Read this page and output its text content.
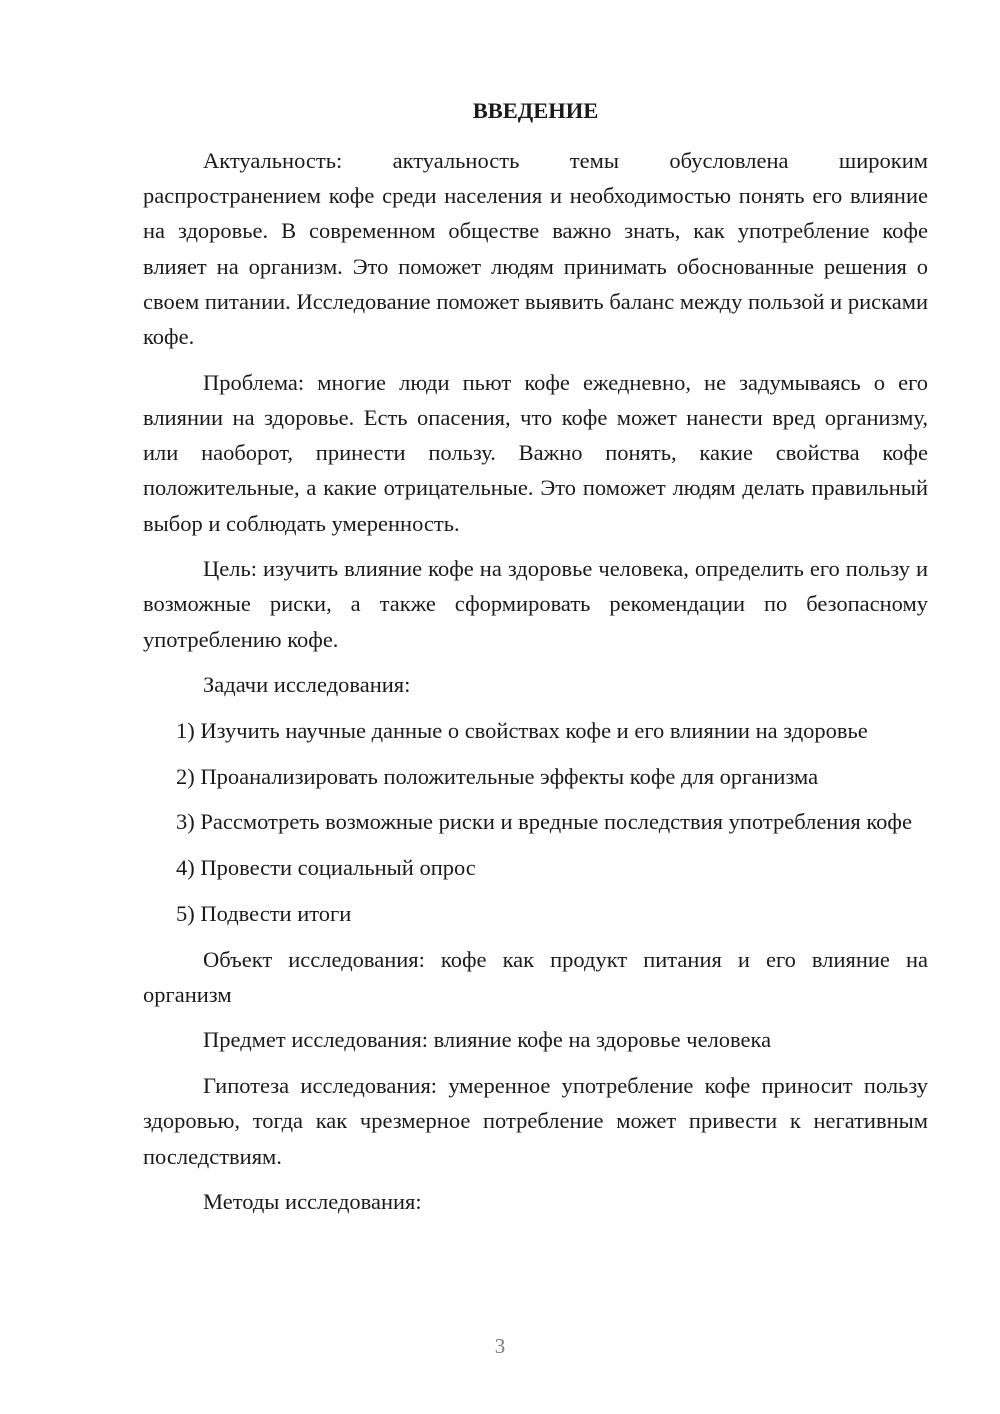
ВВЕДЕНИЕ

Актуальность: актуальность темы обусловлена широким распространением кофе среди населения и необходимостью понять его влияние на здоровье. В современном обществе важно знать, как употребление кофе влияет на организм. Это поможет людям принимать обоснованные решения о своем питании. Исследование поможет выявить баланс между пользой и рисками кофе.

Проблема: многие люди пьют кофе ежедневно, не задумываясь о его влиянии на здоровье. Есть опасения, что кофе может нанести вред организму, или наоборот, принести пользу. Важно понять, какие свойства кофе положительные, а какие отрицательные. Это поможет людям делать правильный выбор и соблюдать умеренность.

Цель: изучить влияние кофе на здоровье человека, определить его пользу и возможные риски, а также сформировать рекомендации по безопасному употреблению кофе.

Задачи исследования:

1) Изучить научные данные о свойствах кофе и его влиянии на здоровье

2) Проанализировать положительные эффекты кофе для организма

3) Рассмотреть возможные риски и вредные последствия употребления кофе

4) Провести социальный опрос

5) Подвести итоги

Объект исследования: кофе как продукт питания и его влияние на организм

Предмет исследования: влияние кофе на здоровье человека

Гипотеза исследования: умеренное употребление кофе приносит пользу здоровью, тогда как чрезмерное потребление может привести к негативным последствиям.

Методы исследования:

3
